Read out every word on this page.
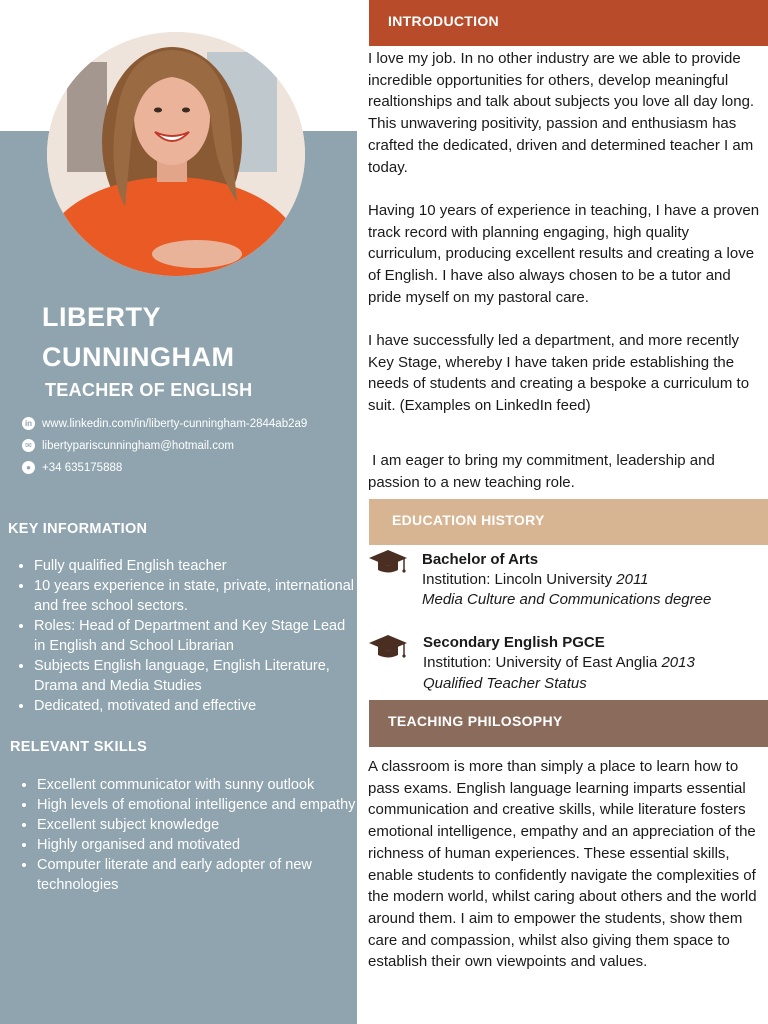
LIBERTY
CUNNINGHAM
TEACHER OF ENGLISH
in www.linkedin.com/in/liberty-cunningham-2844ab2a9
✉ libertypariscunningham@hotmail.com
● +34 635175888
KEY INFORMATION
• Fully qualified English teacher
• 10 years experience in state, private, international and free school sectors.
• Roles: Head of Department and Key Stage Lead in English and School Librarian
• Subjects English language, English Literature, Drama and Media Studies
• Dedicated, motivated and effective
RELEVANT SKILLS
• Excellent communicator with sunny outlook
• High levels of emotional intelligence and empathy
• Excellent subject knowledge
• Highly organised and motivated
• Computer literate and early adopter of new technologies
INTRODUCTION

I love my job. In no other industry are we able to provide incredible opportunities for others, develop meaningful realtionships and talk about subjects you love all day long. This unwavering positivity, passion and enthusiasm has crafted the dedicated, driven and determined teacher I am today.

Having 10 years of experience in teaching, I have a proven track record with planning engaging, high quality curriculum, producing excellent results and creating a love of English. I have also always chosen to be a tutor and pride myself on my pastoral care.

I have successfully led a department, and more recently Key Stage, whereby I have taken pride establishing the needs of students and creating a bespoke a curriculum to suit. (Examples on LinkedIn feed)

I am eager to bring my commitment, leadership and passion to a new teaching role.

EDUCATION HISTORY
Bachelor of Arts
Institution: Lincoln University 2011
Media Culture and Communications degree
Secondary English PGCE
Institution: University of East Anglia 2013
Qualified Teacher Status
TEACHING PHILOSOPHY

A classroom is more than simply a place to learn how to pass exams. English language learning imparts essential communication and creative skills, while literature fosters emotional intelligence, empathy and an appreciation of the richness of human experiences. These essential skills, enable students to confidently navigate the complexities of the modern world, whilst caring about others and the world around them. I aim to empower the students, show them care and compassion, whilst also giving them space to establish their own viewpoints and values.
